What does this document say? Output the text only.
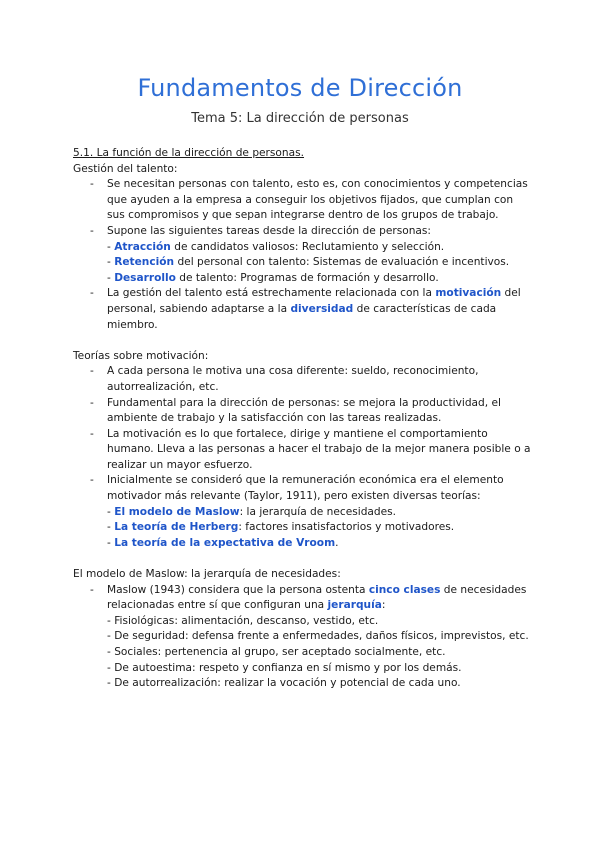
Fundamentos de Dirección

Tema 5: La dirección de personas

5.1. La función de la dirección de personas.

Gestión del talento:

- Se necesitan personas con talento, esto es, con conocimientos y competencias que ayuden a la empresa a conseguir los objetivos fijados, que cumplan con sus compromisos y que sepan integrarse dentro de los grupos de trabajo.
- Supone las siguientes tareas desde la dirección de personas:
- Atracción de candidatos valiosos: Reclutamiento y selección.
- Retención del personal con talento: Sistemas de evaluación e incentivos.
- Desarrollo de talento: Programas de formación y desarrollo.
- La gestión del talento está estrechamente relacionada con la motivación del personal, sabiendo adaptarse a la diversidad de características de cada miembro.

Teorías sobre motivación:

- A cada persona le motiva una cosa diferente: sueldo, reconocimiento, autorrealización, etc.
- Fundamental para la dirección de personas: se mejora la productividad, el ambiente de trabajo y la satisfacción con las tareas realizadas.
- La motivación es lo que fortalece, dirige y mantiene el comportamiento humano. Lleva a las personas a hacer el trabajo de la mejor manera posible o a realizar un mayor esfuerzo.
- Inicialmente se consideró que la remuneración económica era el elemento motivador más relevante (Taylor, 1911), pero existen diversas teorías:
- El modelo de Maslow: la jerarquía de necesidades.
- La teoría de Herberg: factores insatisfactorios y motivadores.
- La teoría de la expectativa de Vroom.

El modelo de Maslow: la jerarquía de necesidades:

- Maslow (1943) considera que la persona ostenta cinco clases de necesidades relacionadas entre sí que configuran una jerarquía:
- Fisiológicas: alimentación, descanso, vestido, etc.
- De seguridad: defensa frente a enfermedades, daños físicos, imprevistos, etc.
- Sociales: pertenencia al grupo, ser aceptado socialmente, etc.
- De autoestima: respeto y confianza en sí mismo y por los demás.
- De autorrealización: realizar la vocación y potencial de cada uno.
